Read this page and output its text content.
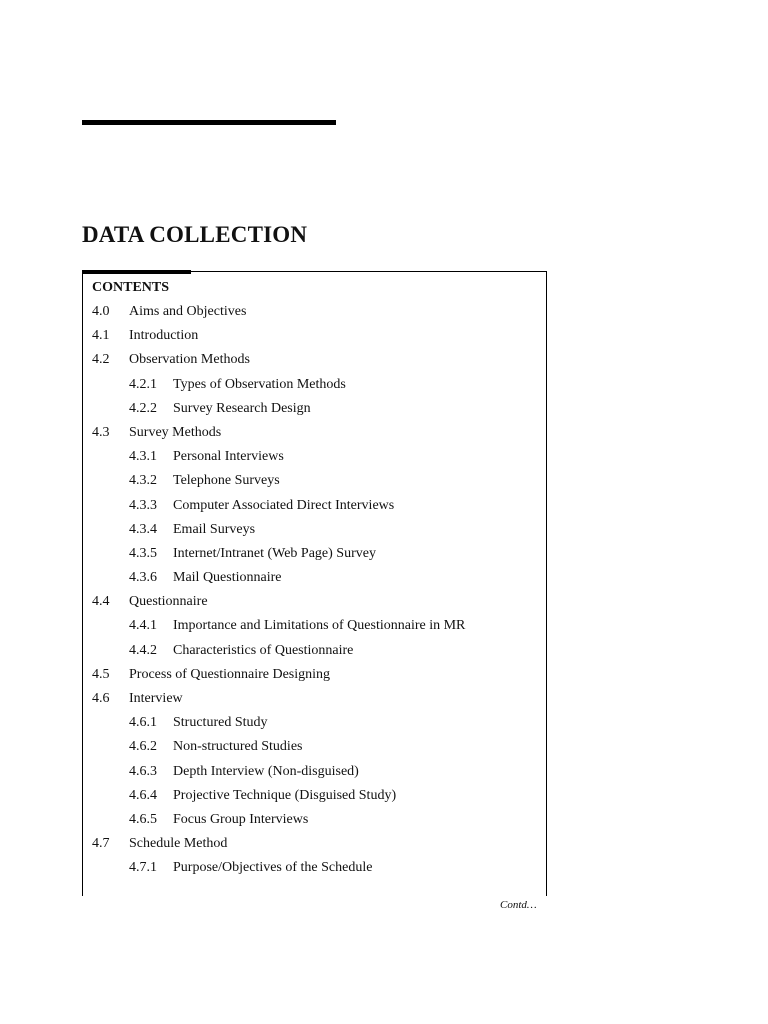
DATA COLLECTION
CONTENTS
4.0 Aims and Objectives
4.1 Introduction
4.2 Observation Methods
4.2.1 Types of Observation Methods
4.2.2 Survey Research Design
4.3 Survey Methods
4.3.1 Personal Interviews
4.3.2 Telephone Surveys
4.3.3 Computer Associated Direct Interviews
4.3.4 Email Surveys
4.3.5 Internet/Intranet (Web Page) Survey
4.3.6 Mail Questionnaire
4.4 Questionnaire
4.4.1 Importance and Limitations of Questionnaire in MR
4.4.2 Characteristics of Questionnaire
4.5 Process of Questionnaire Designing
4.6 Interview
4.6.1 Structured Study
4.6.2 Non-structured Studies
4.6.3 Depth Interview (Non-disguised)
4.6.4 Projective Technique (Disguised Study)
4.6.5 Focus Group Interviews
4.7 Schedule Method
4.7.1 Purpose/Objectives of the Schedule
Contd…
